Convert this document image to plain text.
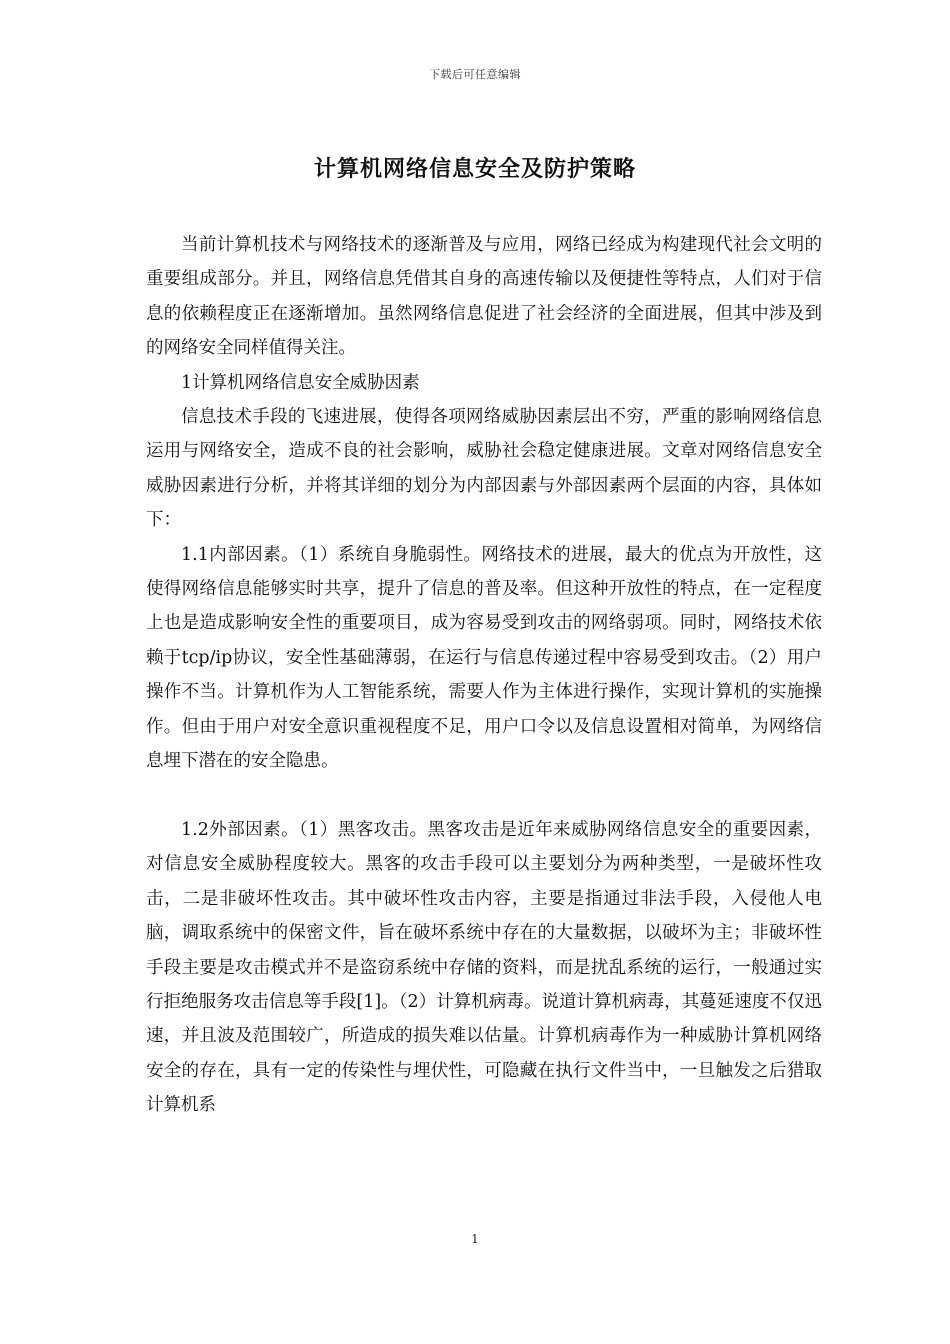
下载后可任意编辑
计算机网络信息安全及防护策略

当前计算机技术与网络技术的逐渐普及与应用，网络已经成为构建现代社会文明的重要组成部分。并且，网络信息凭借其自身的高速传输以及便捷性等特点，人们对于信息的依赖程度正在逐渐增加。虽然网络信息促进了社会经济的全面进展，但其中涉及到的网络安全同样值得关注。

1计算机网络信息安全威胁因素

信息技术手段的飞速进展，使得各项网络威胁因素层出不穷，严重的影响网络信息运用与网络安全，造成不良的社会影响，威胁社会稳定健康进展。文章对网络信息安全威胁因素进行分析，并将其详细的划分为内部因素与外部因素两个层面的内容，具体如下：

1.1内部因素。（1）系统自身脆弱性。网络技术的进展，最大的优点为开放性，这使得网络信息能够实时共享，提升了信息的普及率。但这种开放性的特点，在一定程度上也是造成影响安全性的重要项目，成为容易受到攻击的网络弱项。同时，网络技术依赖于tcp/ip协议，安全性基础薄弱，在运行与信息传递过程中容易受到攻击。（2）用户操作不当。计算机作为人工智能系统，需要人作为主体进行操作，实现计算机的实施操作。但由于用户对安全意识重视程度不足，用户口令以及信息设置相对简单，为网络信息埋下潜在的安全隐患。

1.2外部因素。（1）黑客攻击。黑客攻击是近年来威胁网络信息安全的重要因素，对信息安全威胁程度较大。黑客的攻击手段可以主要划分为两种类型，一是破坏性攻击，二是非破坏性攻击。其中破坏性攻击内容，主要是指通过非法手段，入侵他人电脑，调取系统中的保密文件，旨在破坏系统中存在的大量数据，以破坏为主；非破坏性手段主要是攻击模式并不是盗窃系统中存储的资料，而是扰乱系统的运行，一般通过实行拒绝服务攻击信息等手段[1]。（2）计算机病毒。说道计算机病毒，其蔓延速度不仅迅速，并且波及范围较广，所造成的损失难以估量。计算机病毒作为一种威胁计算机网络安全的存在，具有一定的传染性与埋伏性，可隐藏在执行文件当中，一旦触发之后猎取计算机系

1
